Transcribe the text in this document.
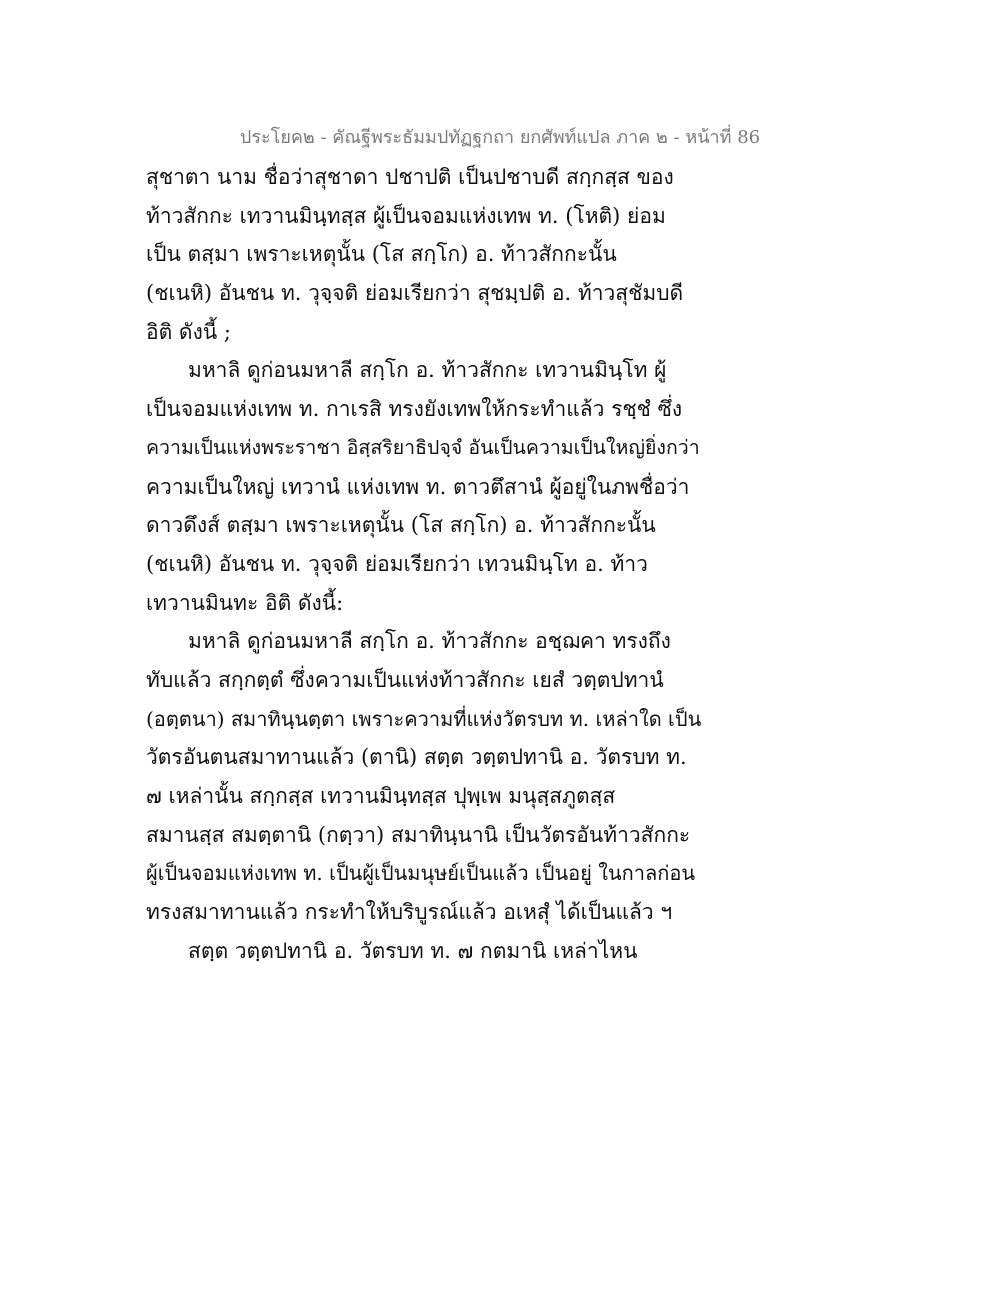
ประโยค๒ - คัณฐีพระธัมมปทัฏฐกถา ยกศัพท์แปล ภาค ๒ - หน้าที่ 86
สุชาตา นาม ชื่อว่าสุชาดา ปชาปติ เป็นปชาบดี สกฺกสฺส ของ
ท้าวสักกะ เทวานมินฺทสฺส ผู้เป็นจอมแห่งเทพ ท. (โหติ) ย่อม
เป็น ตสฺมา เพราะเหตุนั้น (โส สกฺโก) อ. ท้าวสักกะนั้น
(ชเนหิ) อันชน ท. วุจฺจติ ย่อมเรียกว่า สุชมฺปติ อ. ท้าวสุชัมบดี
อิติ ดังนี้ ;
มหาลิ ดูก่อนมหาลี สกฺโก อ. ท้าวสักกะ เทวานมินฺโท ผู้
เป็นจอมแห่งเทพ ท. กาเรสิ ทรงยังเทพให้กระทำแล้ว รชฺชํ ซึ่ง
ความเป็นแห่งพระราชา อิสฺสริยาธิปจฺจํ อันเป็นความเป็นใหญ่ยิ่งกว่า
ความเป็นใหญ่ เทวานํ แห่งเทพ ท. ตาวตึสานํ ผู้อยู่ในภพชื่อว่า
ดาวดึงส์ ตสฺมา เพราะเหตุนั้น (โส สกฺโก) อ. ท้าวสักกะนั้น
(ชเนหิ) อันชน ท. วุจฺจติ ย่อมเรียกว่า เทวนมินฺโท อ. ท้าว
เทวานมินทะ อิติ ดังนี้:
มหาลิ ดูก่อนมหาลี สกฺโก อ. ท้าวสักกะ อชฺฌคา ทรงถึง
ทับแล้ว สกฺกตฺตํ ซึ่งความเป็นแห่งท้าวสักกะ เยสํ วตฺตปทานํ
(อตฺตนา) สมาทินฺนตฺตา เพราะความที่แห่งวัตรบท ท. เหล่าใด เป็น
วัตรอันตนสมาทานแล้ว (ตานิ) สตฺต วตฺตปทานิ อ. วัตรบท ท.
๗ เหล่านั้น สกฺกสฺส เทวานมินฺทสฺส ปุพฺเพ มนุสฺสภูตสฺส
สมานสฺส สมตฺตานิ (กตฺวา) สมาทินฺนานิ เป็นวัตรอันท้าวสักกะ
ผู้เป็นจอมแห่งเทพ ท. เป็นผู้เป็นมนุษย์เป็นแล้ว เป็นอยู่ ในกาลก่อน
ทรงสมาทานแล้ว กระทำให้บริบูรณ์แล้ว อเหสุํ ได้เป็นแล้ว ฯ
สตฺต วตฺตปทานิ อ. วัตรบท ท. ๗ กตมานิ เหล่าไหน
